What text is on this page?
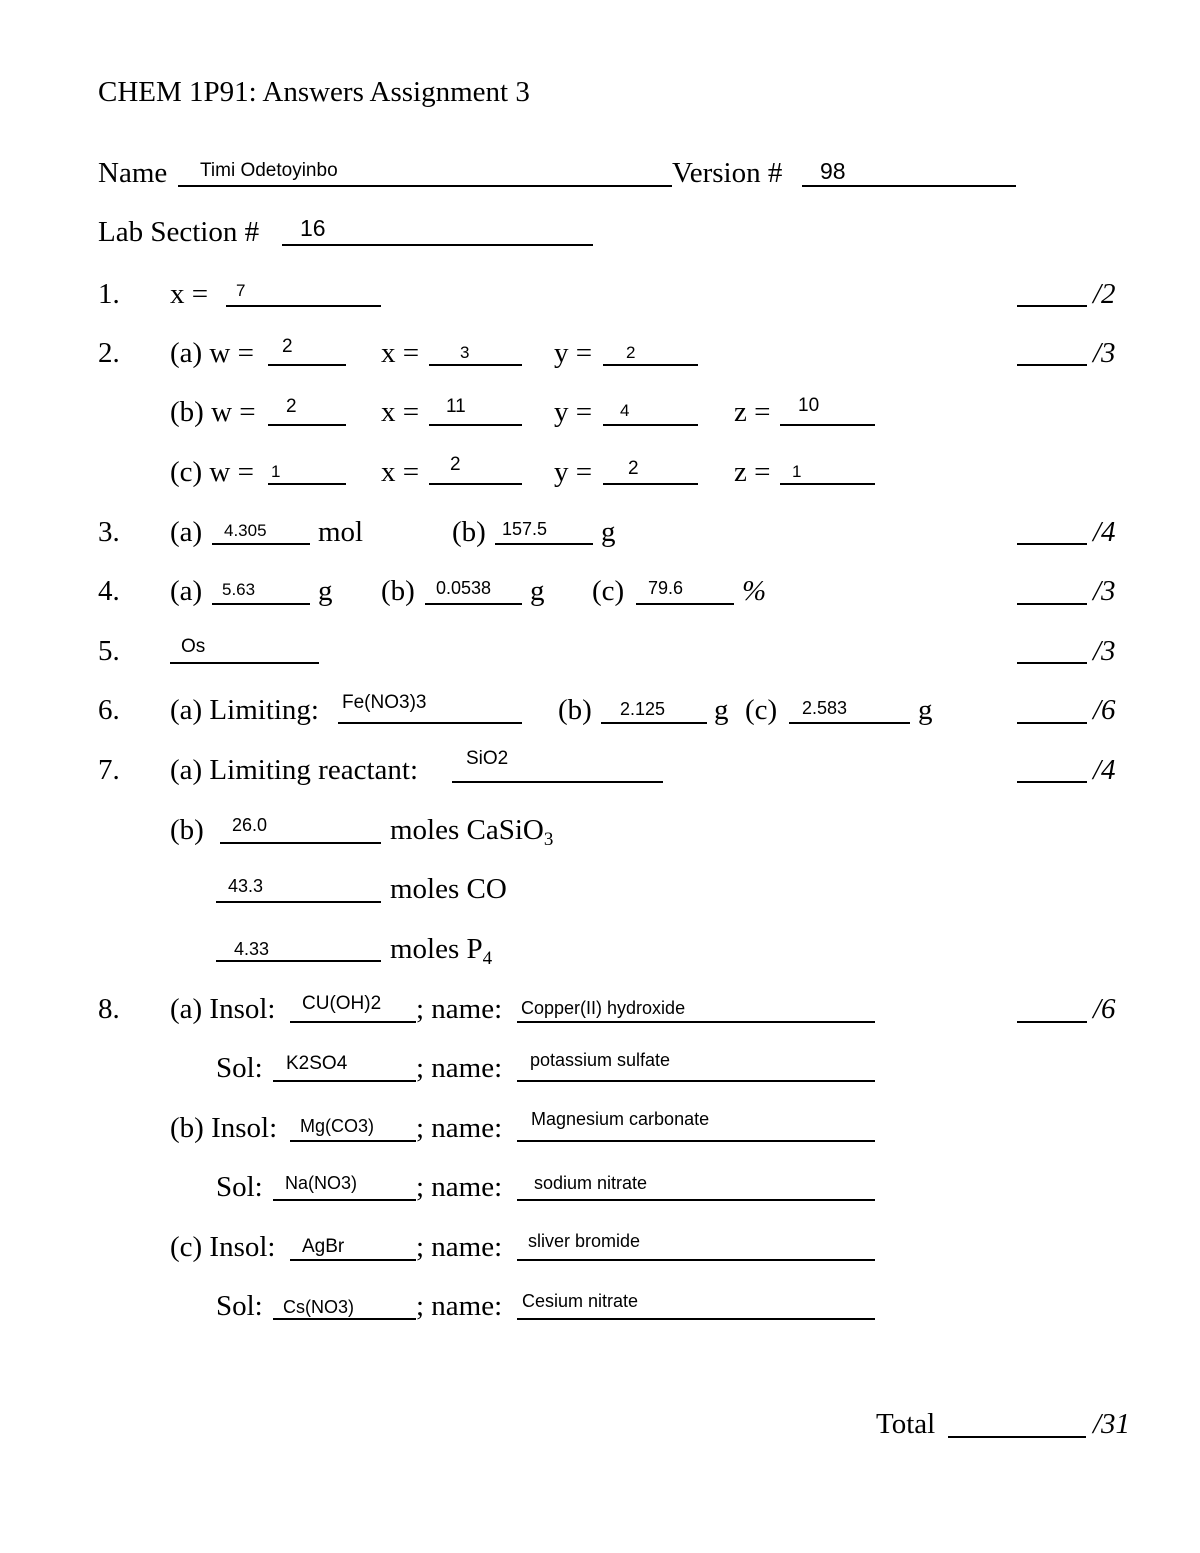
CHEM 1P91: Answers Assignment 3
Name Timi Odetoyinbo	Version # 98
Lab Section # 16
1. x = 7	/2
2. (a) w = 2	x = 3	y = 2	/3
(b) w = 2	x = 11	y = 4	z = 10
(c) w = 1	x = 2	y = 2	z = 1
3. (a) 4.305 mol	(b) 157.5 g	/4
4. (a) 5.63 g (b) 0.0538 g (c) 79.6 %	/3
5.	Os	/3
6. (a) Limiting: Fe(NO3)3	(b) 2.125 g (c) 2.583 g	/6
7. (a) Limiting reactant:	SiO2	/4
(b) 26.0	moles CaSiO$_3$
43.3	moles CO
4.33	moles $P_4$
8. (a) Insol: CU(OH)2 ; name: Copper(II) hydroxide	/6
Sol: K2SO4 ; name: potassium sulfate
(b) Insol: Mg(CO3) ; name: Magnesium carbonate
Sol: Na(NO3) ; name: sodium nitrate
(c) Insol: AgBr ; name: sliver bromide
Sol: Cs(NO3) ; name: Cesium nitrate
Total	/31
